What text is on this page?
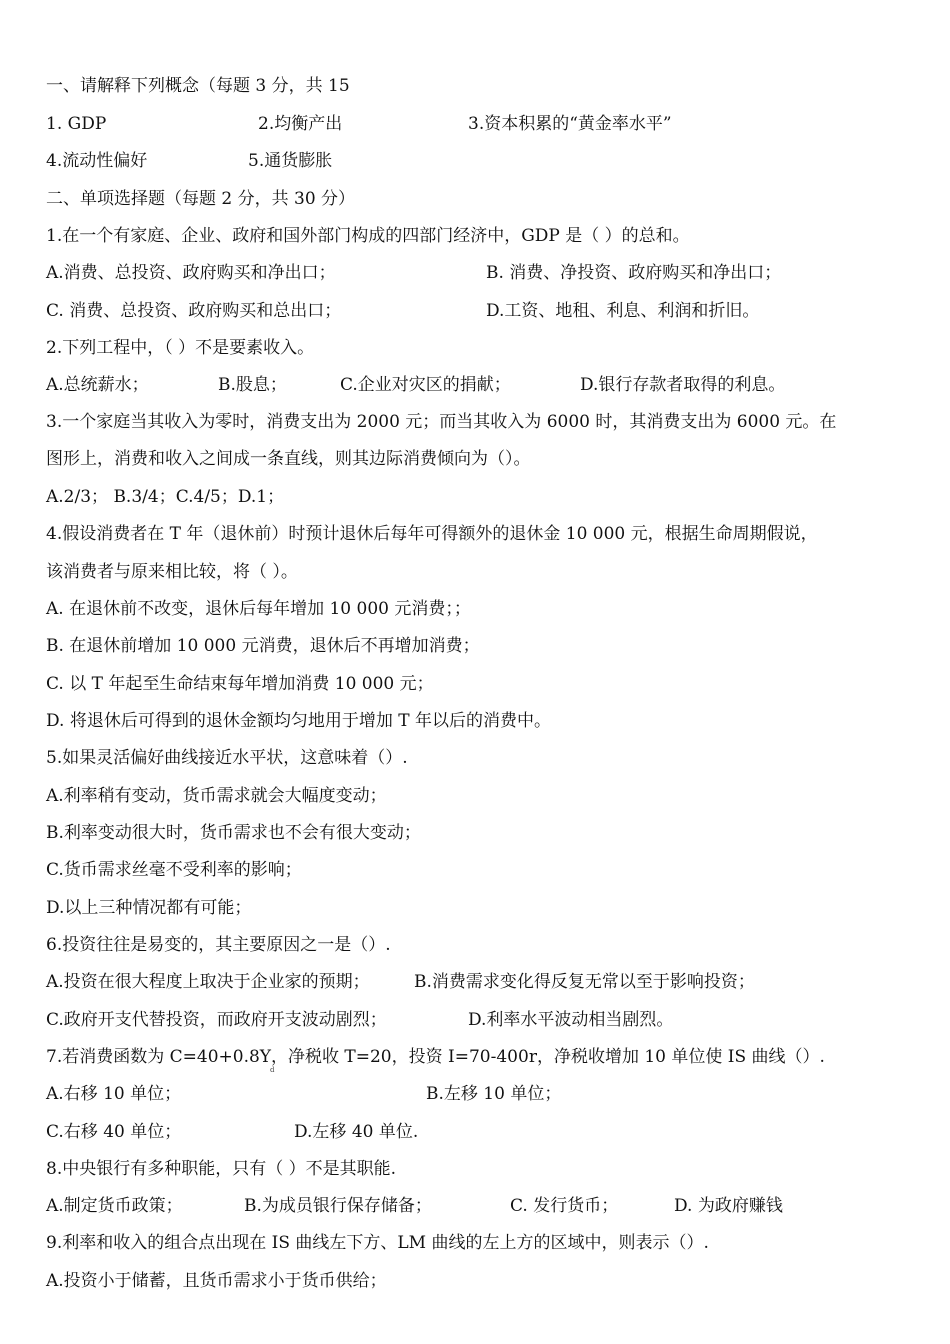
一、请解释下列概念（每题 3 分，共 15
1. GDP	2.均衡产出	3.资本积累的“黄金率水平”
4.流动性偏好	5.通货膨胀
二、单项选择题（每题 2 分，共 30 分）
1.在一个有家庭、企业、政府和国外部门构成的四部门经济中，GDP 是（ ）的总和。
A.消费、总投资、政府购买和净出口；	B. 消费、净投资、政府购买和净出口；
C. 消费、总投资、政府购买和总出口；	D.工资、地租、利息、利润和折旧。
2.下列工程中，（ ）不是要素收入。
A.总统薪水；	B.股息；	C.企业对灾区的捐献；	D.银行存款者取得的利息。
3.一个家庭当其收入为零时，消费支出为 2000 元；而当其收入为 6000 时，其消费支出为 6000 元。在
图形上，消费和收入之间成一条直线，则其边际消费倾向为（）。
A.2/3； B.3/4；C.4/5；D.1；
4.假设消费者在 T 年（退休前）时预计退休后每年可得额外的退休金 10 000 元，根据生命周期假说，
该消费者与原来相比较，将（ ）。
A. 在退休前不改变，退休后每年增加 10 000 元消费；；
B. 在退休前增加 10 000 元消费，退休后不再增加消费；
C. 以 T 年起至生命结束每年增加消费 10 000 元；
D. 将退休后可得到的退休金额均匀地用于增加 T 年以后的消费中。
5.如果灵活偏好曲线接近水平状，这意味着（）.
A.利率稍有变动，货币需求就会大幅度变动；
B.利率变动很大时，货币需求也不会有很大变动；
C.货币需求丝毫不受利率的影响；
D.以上三种情况都有可能；
6.投资往往是易变的，其主要原因之一是（）.
A.投资在很大程度上取决于企业家的预期；	B.消费需求变化得反复无常以至于影响投资；
C.政府开支代替投资，而政府开支波动剧烈；	D.利率水平波动相当剧烈。
7.若消费函数为 C=40+0.8Y，净税收 T=20，投资 I=70-400r，净税收增加 10 单位使 IS 曲线（）.
d
A.右移 10 单位；	B.左移 10 单位；
C.右移 40 单位；	D.左移 40 单位.
8.中央银行有多种职能，只有（ ）不是其职能.
A.制定货币政策；	B.为成员银行保存储备；	C. 发行货币；	D. 为政府赚钱
9.利率和收入的组合点出现在 IS 曲线左下方、LM 曲线的左上方的区域中，则表示（）.
A.投资小于储蓄，且货币需求小于货币供给；
